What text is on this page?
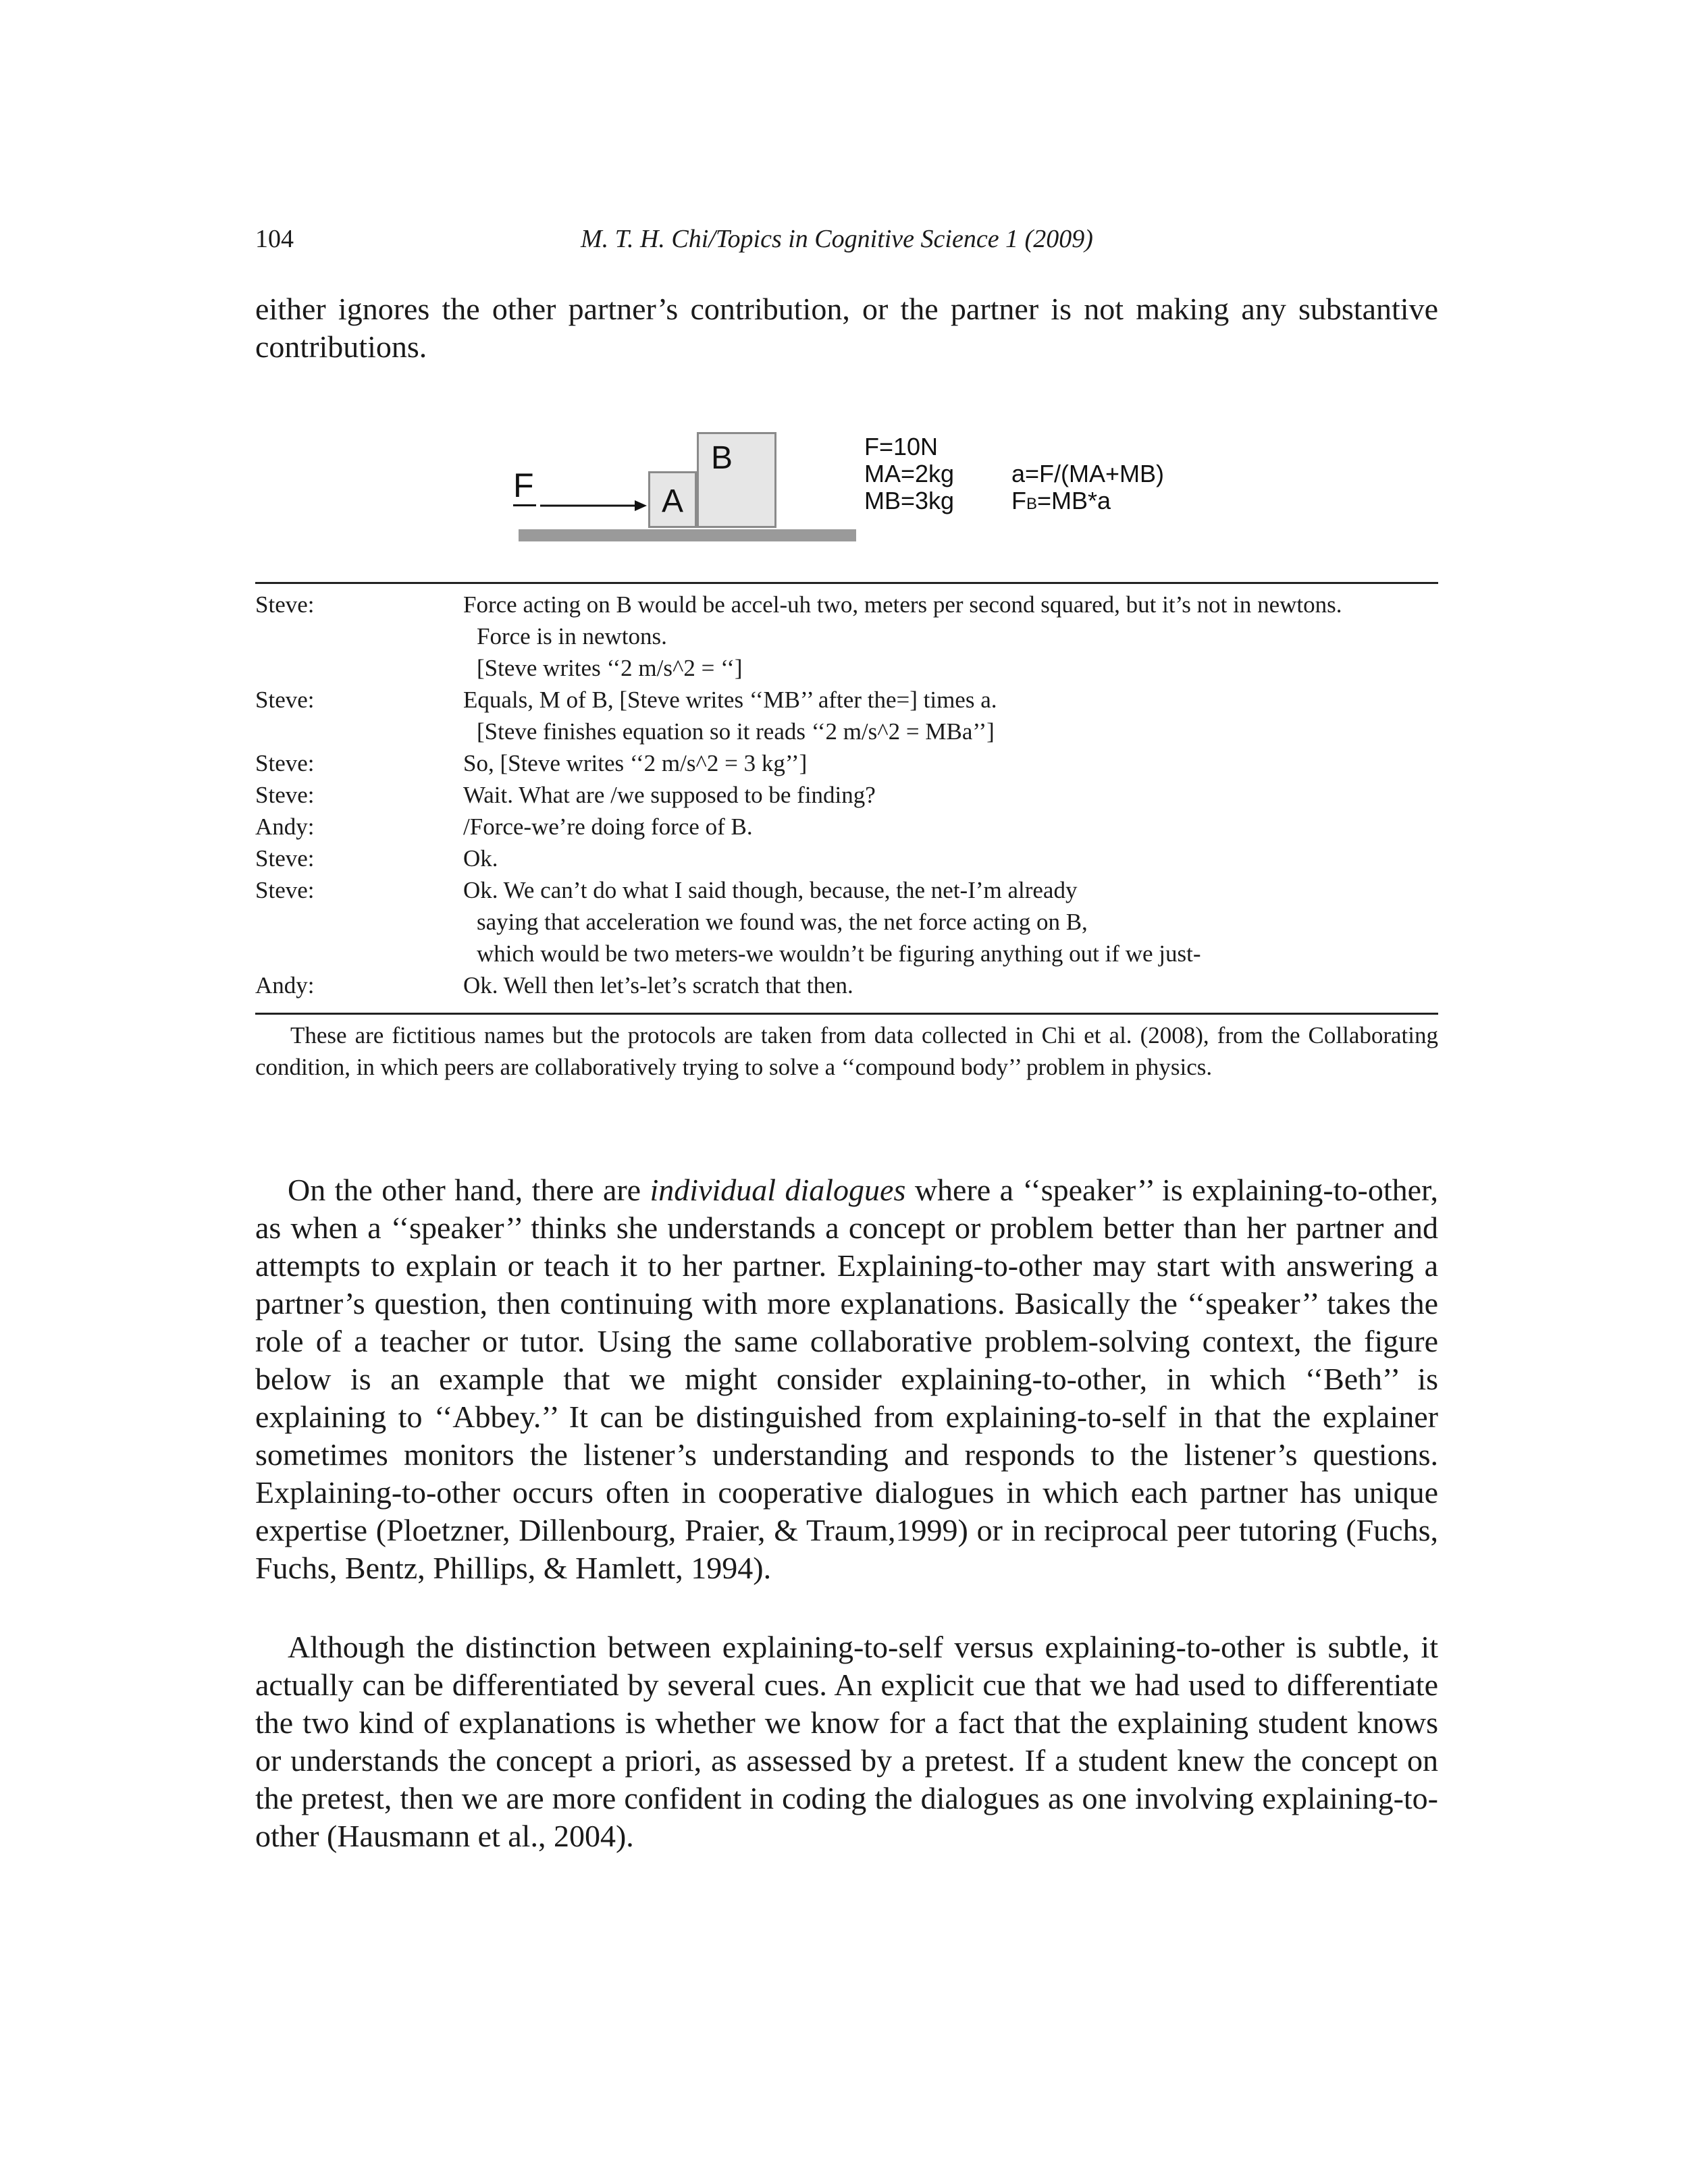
104	M. T. H. Chi/Topics in Cognitive Science 1 (2009)

either ignores the other partner’s contribution, or the partner is not making any substantive contributions.

F	A
B	F=10N
MA=2kg
MB=3kg
a=F/(MA+MB)
FB=MB*a
Steve:	Force acting on B would be accel-uh two, meters per second squared, but it’s not in newtons.
Force is in newtons.
[Steve writes ‘‘2 m/s^2 = ‘‘]
Steve:	Equals, M of B, [Steve writes ‘‘MB’’ after the=] times a.
[Steve finishes equation so it reads ‘‘2 m/s^2 = MBa’’]
Steve:	So, [Steve writes ‘‘2 m/s^2 = 3 kg’’]
Steve:	Wait. What are /we supposed to be finding?
Andy:	/Force-we’re doing force of B.
Steve:	Ok.
Steve:	Ok. We can’t do what I said though, because, the net-I’m already
saying that acceleration we found was, the net force acting on B,
which would be two meters-we wouldn’t be figuring anything out if we just-
Andy:	Ok. Well then let’s-let’s scratch that then.
These are fictitious names but the protocols are taken from data collected in Chi et al. (2008), from the Collaborating condition, in which peers are collaboratively trying to solve a ‘‘compound body’’ problem in physics.

On the other hand, there are individual dialogues where a ‘‘speaker’’ is explaining-to-other, as when a ‘‘speaker’’ thinks she understands a concept or problem better than her partner and attempts to explain or teach it to her partner. Explaining-to-other may start with answering a partner’s question, then continuing with more explanations. Basically the ‘‘speaker’’ takes the role of a teacher or tutor. Using the same collaborative problem-solving context, the figure below is an example that we might consider explaining-to-other, in which ‘‘Beth’’ is explaining to ‘‘Abbey.’’ It can be distinguished from explaining-to-self in that the explainer sometimes monitors the listener’s understanding and responds to the listener’s questions. Explaining-to-other occurs often in cooperative dialogues in which each partner has unique expertise (Ploetzner, Dillenbourg, Praier, & Traum,1999) or in reciprocal peer tutoring (Fuchs, Fuchs, Bentz, Phillips, & Hamlett, 1994).

Although the distinction between explaining-to-self versus explaining-to-other is subtle, it actually can be differentiated by several cues. An explicit cue that we had used to differentiate the two kind of explanations is whether we know for a fact that the explaining student knows or understands the concept a priori, as assessed by a pretest. If a student knew the concept on the pretest, then we are more confident in coding the dialogues as one involving explaining-to-other (Hausmann et al., 2004).
